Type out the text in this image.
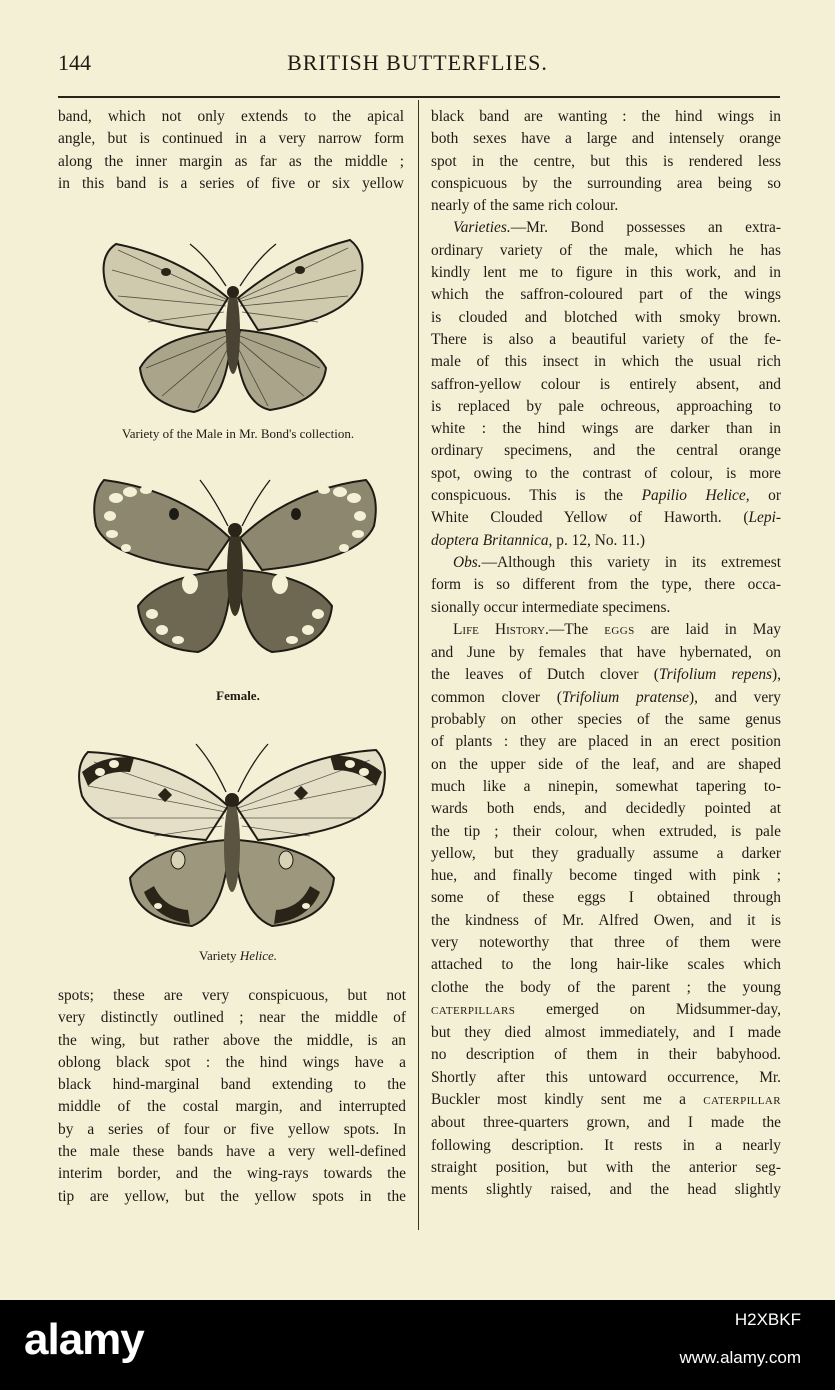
144	BRITISH BUTTERFLIES.

band, which not only extends to the apical

angle, but is continued in a very narrow form

along the inner margin as far as the middle ;

in this band is a series of five or six yellow

Variety of the Male in Mr. Bond's collection.
Female.
Variety Helice.

spots; these are very conspicuous, but not

very distinctly outlined ; near the middle of

the wing, but rather above the middle, is an

oblong black spot : the hind wings have a

black hind-marginal band extending to the

middle of the costal margin, and interrupted

by a series of four or five yellow spots. In

the male these bands have a very well-defined

interim border, and the wing-rays towards the

tip are yellow, but the yellow spots in the

black band are wanting : the hind wings in

both sexes have a large and intensely orange

spot in the centre, but this is rendered less

conspicuous by the surrounding area being so

nearly of the same rich colour.

Varieties.—Mr. Bond possesses an extra-

ordinary variety of the male, which he has

kindly lent me to figure in this work, and in

which the saffron-coloured part of the wings

is clouded and blotched with smoky brown.

There is also a beautiful variety of the fe-

male of this insect in which the usual rich

saffron-yellow colour is entirely absent, and

is replaced by pale ochreous, approaching to

white : the hind wings are darker than in

ordinary specimens, and the central orange

spot, owing to the contrast of colour, is more

conspicuous. This is the Papilio Helice, or

White Clouded Yellow of Haworth. (Lepi-

doptera Britannica, p. 12, No. 11.)

Obs.—Although this variety in its extremest

form is so different from the type, there occa-

sionally occur intermediate specimens.

Life History.—The EGGS are laid in May

and June by females that have hybernated, on

the leaves of Dutch clover (Trifolium repens),

common clover (Trifolium pratense), and very

probably on other species of the same genus

of plants : they are placed in an erect position

on the upper side of the leaf, and are shaped

much like a ninepin, somewhat tapering to-

wards both ends, and decidedly pointed at

the tip ; their colour, when extruded, is pale

yellow, but they gradually assume a darker

hue, and finally become tinged with pink ;

some of these eggs I obtained through

the kindness of Mr. Alfred Owen, and it is

very noteworthy that three of them were

attached to the long hair-like scales which

clothe the body of the parent ; the young

CATERPILLARS emerged on Midsummer-day,

but they died almost immediately, and I made

no description of them in their babyhood.

Shortly after this untoward occurrence, Mr.

Buckler most kindly sent me a CATERPILLAR

about three-quarters grown, and I made the

following description. It rests in a nearly

straight position, but with the anterior seg-

ments slightly raised, and the head slightly

alamy	H2XBKF
www.alamy.com
